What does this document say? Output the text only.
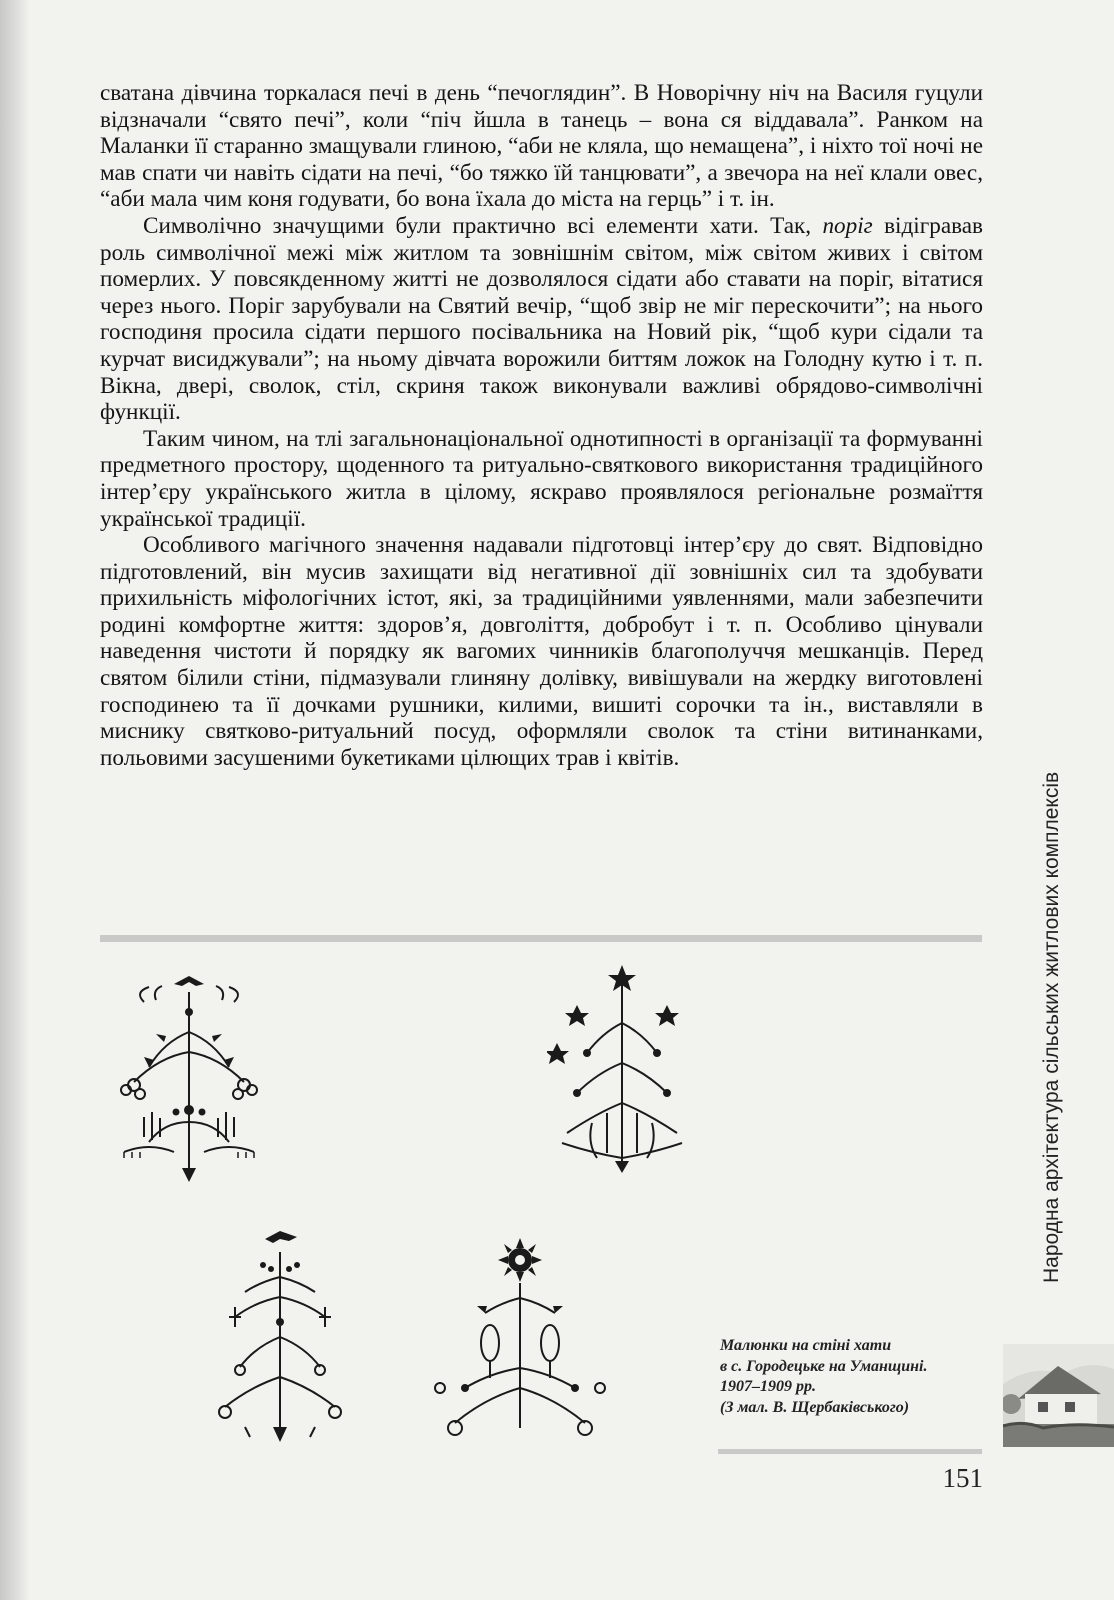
сватана дівчина торкалася печі в день “печоглядин”. В Новорічну ніч на Василя гуцули відзначали “свято печі”, коли “піч йшла в танець – вона ся віддавала”. Ранком на Маланки її старанно змащували глиною, “аби не кляла, що немащена”, і ніхто тої ночі не мав спати чи навіть сідати на печі, “бо тяжко їй танцювати”, а звечора на неї клали овес, “аби мала чим коня годувати, бо вона їхала до міста на герць” і т. ін.

Символічно значущими були практично всі елементи хати. Так, поріг відігравав роль символічної межі між житлом та зовнішнім світом, між світом живих і світом померлих. У повсякденному житті не дозволялося сідати або ставати на поріг, вітатися через нього. Поріг зарубували на Святий вечір, “щоб звір не міг перескочити”; на нього господиня просила сідати першого посівальника на Новий рік, “щоб кури сідали та курчат висиджували”; на ньому дівчата ворожили биттям ложок на Голодну кутю і т. п. Вікна, двері, сволок, стіл, скриня також виконували важливі обрядово-символічні функції.

Таким чином, на тлі загальнонаціональної однотипності в організації та формуванні предметного простору, щоденного та ритуально-святкового використання традиційного інтер’єру українського житла в цілому, яскраво проявлялося регіональне розмаїття української традиції.

Особливого магічного значення надавали підготовці інтер’єру до свят. Відповідно підготовлений, він мусив захищати від негативної дії зовнішніх сил та здобувати прихильність міфологічних істот, які, за традиційними уявленнями, мали забезпечити родині комфортне життя: здоров’я, довголіття, добробут і т. п. Особливо цінували наведення чистоти й порядку як вагомих чинників благополуччя мешканців. Перед святом білили стіни, підмазували глиняну долівку, вивішували на жердку виготовлені господинею та її дочками рушники, килими, вишиті сорочки та ін., виставляли в миснику святково-ритуальний посуд, оформляли сволок та стіни витинанками, польовими засушеними букетиками цілющих трав і квітів.

Малюнки на стіні хати
в с. Городецьке на Уманщині.
1907–1909 рр.
(З мал. В. Щербаківського)
Народна архітектура сільських житлових комплексів
151
